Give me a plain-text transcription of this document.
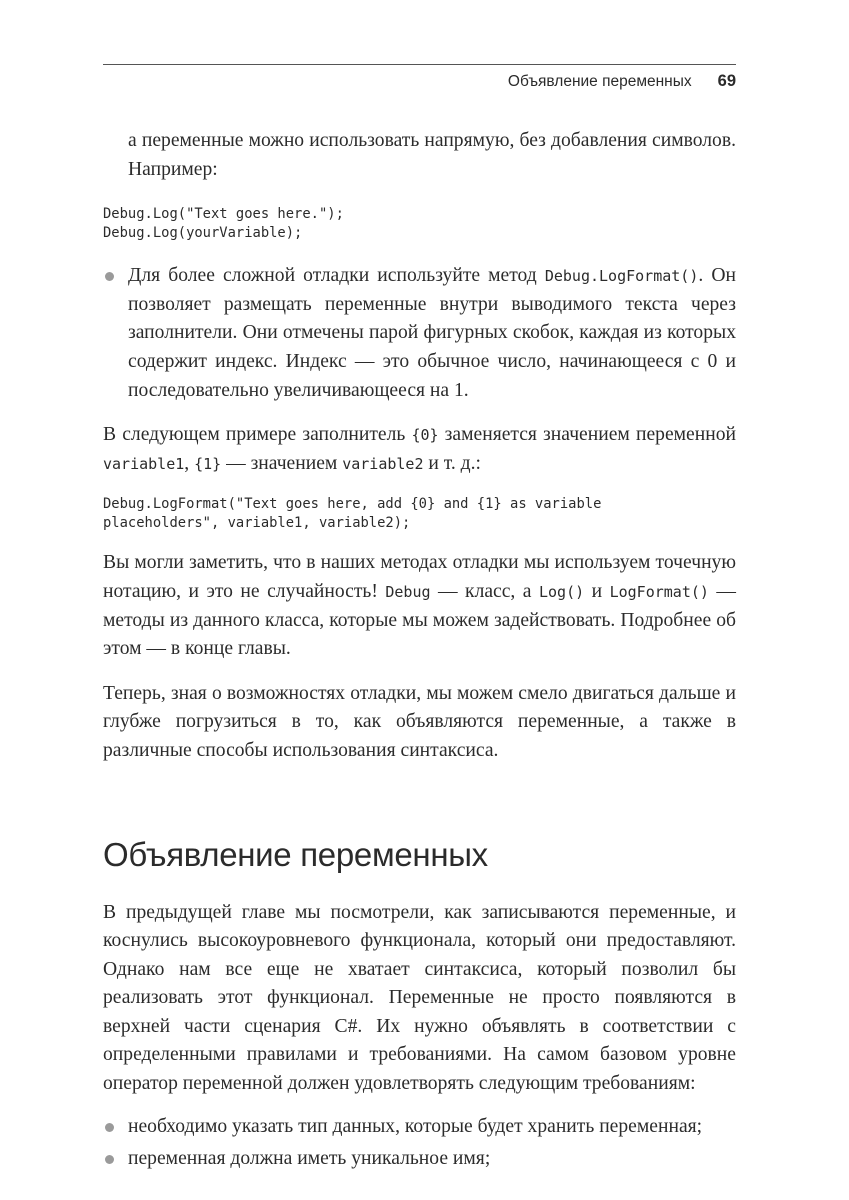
Объявление переменных 69

а переменные можно использовать напрямую, без добавления символов. Например:

Debug.Log("Text goes here.");
Debug.Log(yourVariable);

Для более сложной отладки используйте метод Debug.LogFormat(). Он позволяет размещать переменные внутри выводимого текста через заполнители. Они отмечены парой фигурных скобок, каждая из которых содержит индекс. Индекс — это обычное число, начинающееся с 0 и последовательно увеличивающееся на 1.

В следующем примере заполнитель {0} заменяется значением переменной variable1, {1} — значением variable2 и т. д.:

Debug.LogFormat("Text goes here, add {0} and {1} as variable
placeholders", variable1, variable2);

Вы могли заметить, что в наших методах отладки мы используем точечную нотацию, и это не случайность! Debug — класс, а Log() и LogFormat() — методы из данного класса, которые мы можем задействовать. Подробнее об этом — в конце главы.

Теперь, зная о возможностях отладки, мы можем смело двигаться дальше и глубже погрузиться в то, как объявляются переменные, а также в различные способы использования синтаксиса.

Объявление переменных

В предыдущей главе мы посмотрели, как записываются переменные, и коснулись высокоуровневого функционала, который они предоставляют. Однако нам все еще не хватает синтаксиса, который позволил бы реализовать этот функционал. Переменные не просто появляются в верхней части сценария C#. Их нужно объявлять в соответствии с определенными правилами и требованиями. На самом базовом уровне оператор переменной должен удовлетворять следующим требованиям:

необходимо указать тип данных, которые будет хранить переменная;

переменная должна иметь уникальное имя;
